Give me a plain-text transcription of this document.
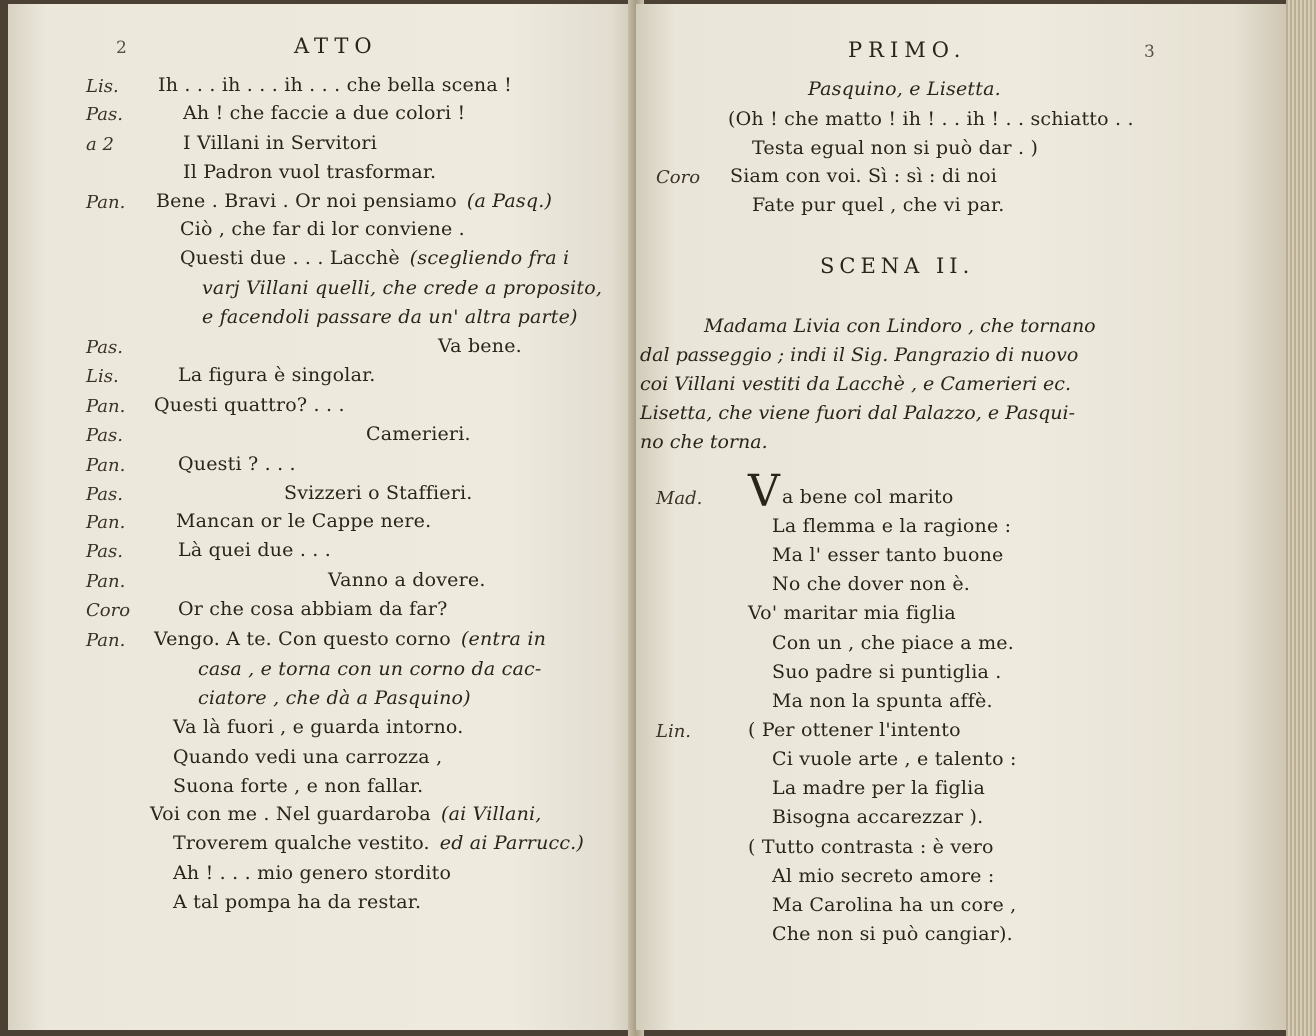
2	ATTO
Lis. Ih . . . ih . . . ih . . . che bella scena !
Pas.	Ah ! che faccie a due colori !
a 2	I Villani in Servitori
Il Padron vuol trasformar.
Pan. Bene . Bravi . Or noi pensiamo (a Pasq.)
Ciò , che far di lor conviene .
Questi due . . . Lacchè (scegliendo fra i
varj Villani quelli, che crede a proposito,
e facendoli passare da un' altra parte)
Pas.	Va bene.
Lis.	La figura è singolar.
Pan. Questi quattro? . . .
Pas.	Camerieri.
Pan.	Questi ? . . .
Pas.	Svizzeri o Staffieri.
Pan.	Mancan or le Cappe nere.
Pas.	Là quei due . . .
Pan.	Vanno a dovere.
Coro	Or che cosa abbiam da far?
Pan. Vengo. A te. Con questo corno (entra in
casa , e torna con un corno da cac-
ciatore , che dà a Pasquino)
Va là fuori , e guarda intorno.
Quando vedi una carrozza ,
Suona forte , e non fallar.
Voi con me . Nel guardaroba (ai Villani,
Troverem qualche vestito. ed ai Parrucc.)
Ah ! . . . mio genero stordito
A tal pompa ha da restar.
PRIMO.	3
Pasquino, e Lisetta.
(Oh ! che matto ! ih ! . . ih ! . . schiatto . .
Testa egual non si può dar . )
Coro Siam con voi. Sì : sì : di noi
Fate pur quel , che vi par.
SCENA II.
Madama Livia con Lindoro , che tornano
dal passeggio ; indi il Sig. Pangrazio di nuovo
coi Villani vestiti da Lacchè , e Camerieri ec.
Lisetta, che viene fuori dal Palazzo, e Pasqui-
no che torna.
V
Mad.	a bene col marito
La flemma e la ragione :
Ma l' esser tanto buone
No che dover non è.
Vo' maritar mia figlia
Con un , che piace a me.
Suo padre si puntiglia .
Ma non la spunta affè.
Lin.	( Per ottener l'intento
Ci vuole arte , e talento :
La madre per la figlia
Bisogna accarezzar ).
( Tutto contrasta : è vero
Al mio secreto amore :
Ma Carolina ha un core ,
Che non si può cangiar).
